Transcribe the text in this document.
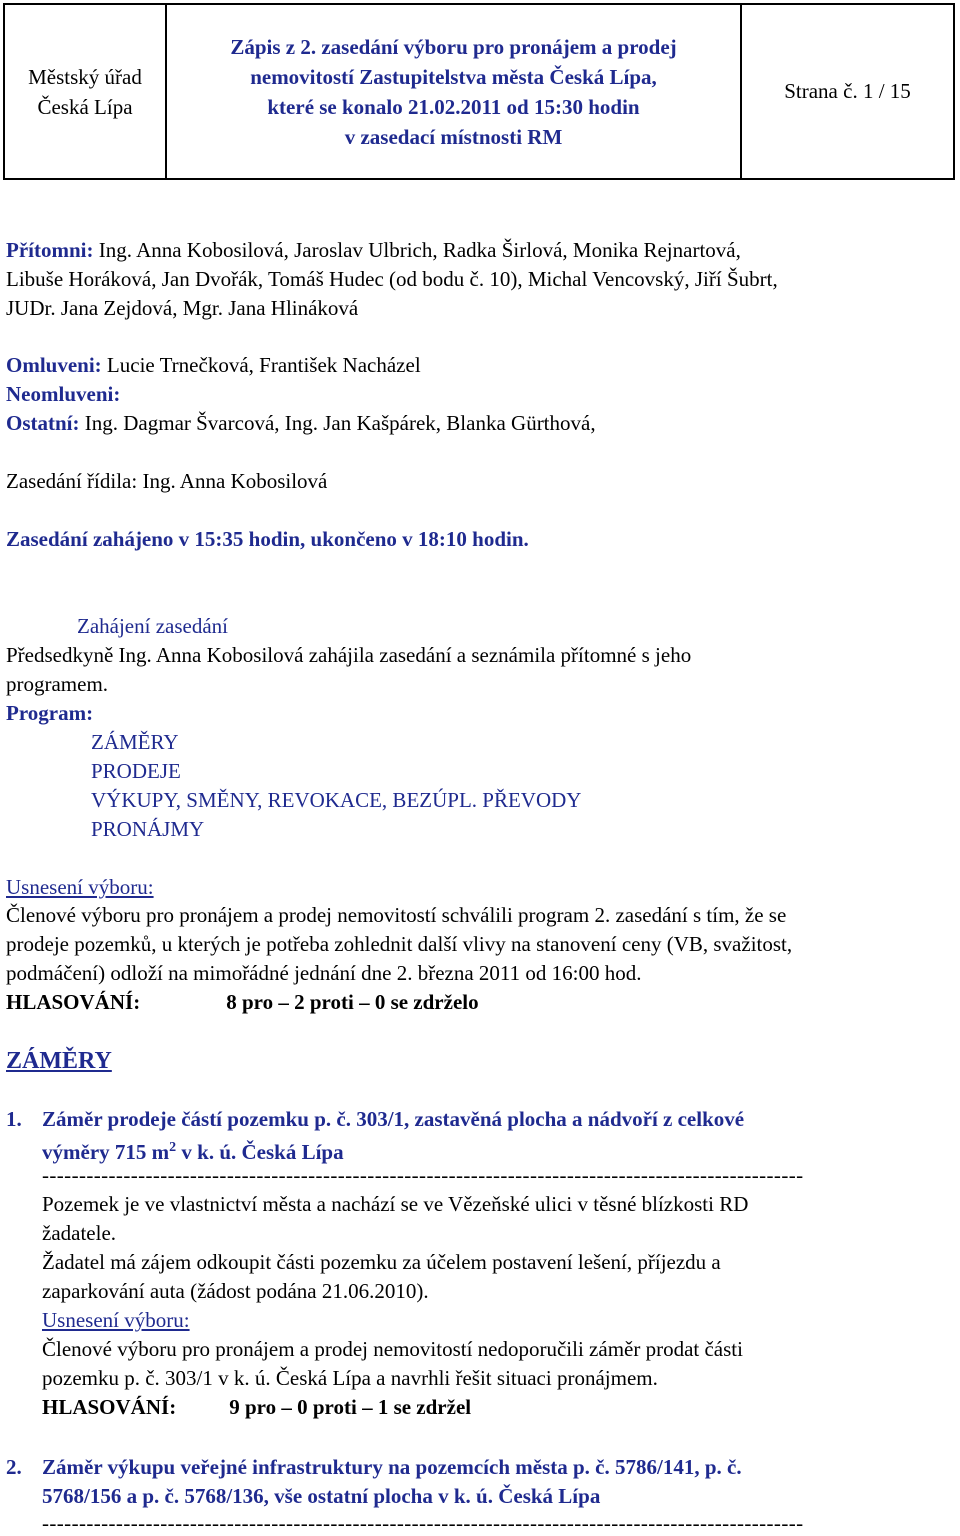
Městský úřad
Česká Lípa
Zápis z 2. zasedání výboru pro pronájem a prodej
nemovitostí Zastupitelstva města Česká Lípa,
které se konalo 21.02.2011 od 15:30 hodin
v zasedací místnosti RM
Strana č. 1 / 15
Přítomni: Ing. Anna Kobosilová, Jaroslav Ulbrich, Radka Širlová, Monika Rejnartová,
Libuše Horáková, Jan Dvořák, Tomáš Hudec (od bodu č. 10), Michal Vencovský, Jiří Šubrt,
JUDr. Jana Zejdová, Mgr. Jana Hlináková
Omluveni: Lucie Trnečková, František Nacházel
Neomluveni:
Ostatní: Ing. Dagmar Švarcová, Ing. Jan Kašpárek, Blanka Gürthová,
Zasedání řídila: Ing. Anna Kobosilová
Zasedání zahájeno v 15:35 hodin, ukončeno v 18:10 hodin.
Zahájení zasedání
Předsedkyně Ing. Anna Kobosilová zahájila zasedání a seznámila přítomné s jeho
programem.
Program:
ZÁMĚRY
PRODEJE
VÝKUPY, SMĚNY, REVOKACE, BEZÚPL. PŘEVODY
PRONÁJMY
Usnesení výboru:
Členové výboru pro pronájem a prodej nemovitostí schválili program 2. zasedání s tím, že se
prodeje pozemků, u kterých je potřeba zohlednit další vlivy na stanovení ceny (VB, svažitost,
podmáčení) odloží na mimořádné jednání dne 2. března 2011 od 16:00 hod.
HLASOVÁNÍ:	8 pro – 2 proti – 0 se zdrželo
ZÁMĚRY
1. Záměr prodeje částí pozemku p. č. 303/1, zastavěná plocha a nádvoří z celkové
výměry 715 $m^2$ v k. ú. Česká Lípa
-------------------------------------------------------------------------------------------------------
Pozemek je ve vlastnictví města a nachází se ve Vězeňské ulici v těsné blízkosti RD
žadatele.
Žadatel má zájem odkoupit části pozemku za účelem postavení lešení, příjezdu a
zaparkování auta (žádost podána 21.06.2010).
Usnesení výboru:
Členové výboru pro pronájem a prodej nemovitostí nedoporučili záměr prodat části
pozemku p. č. 303/1 v k. ú. Česká Lípa a navrhli řešit situaci pronájmem.
HLASOVÁNÍ:	9 pro – 0 proti – 1 se zdržel
2. Záměr výkupu veřejné infrastruktury na pozemcích města p. č. 5786/141, p. č.
5768/156 a p. č. 5768/136, vše ostatní plocha v k. ú. Česká Lípa
-------------------------------------------------------------------------------------------------------
